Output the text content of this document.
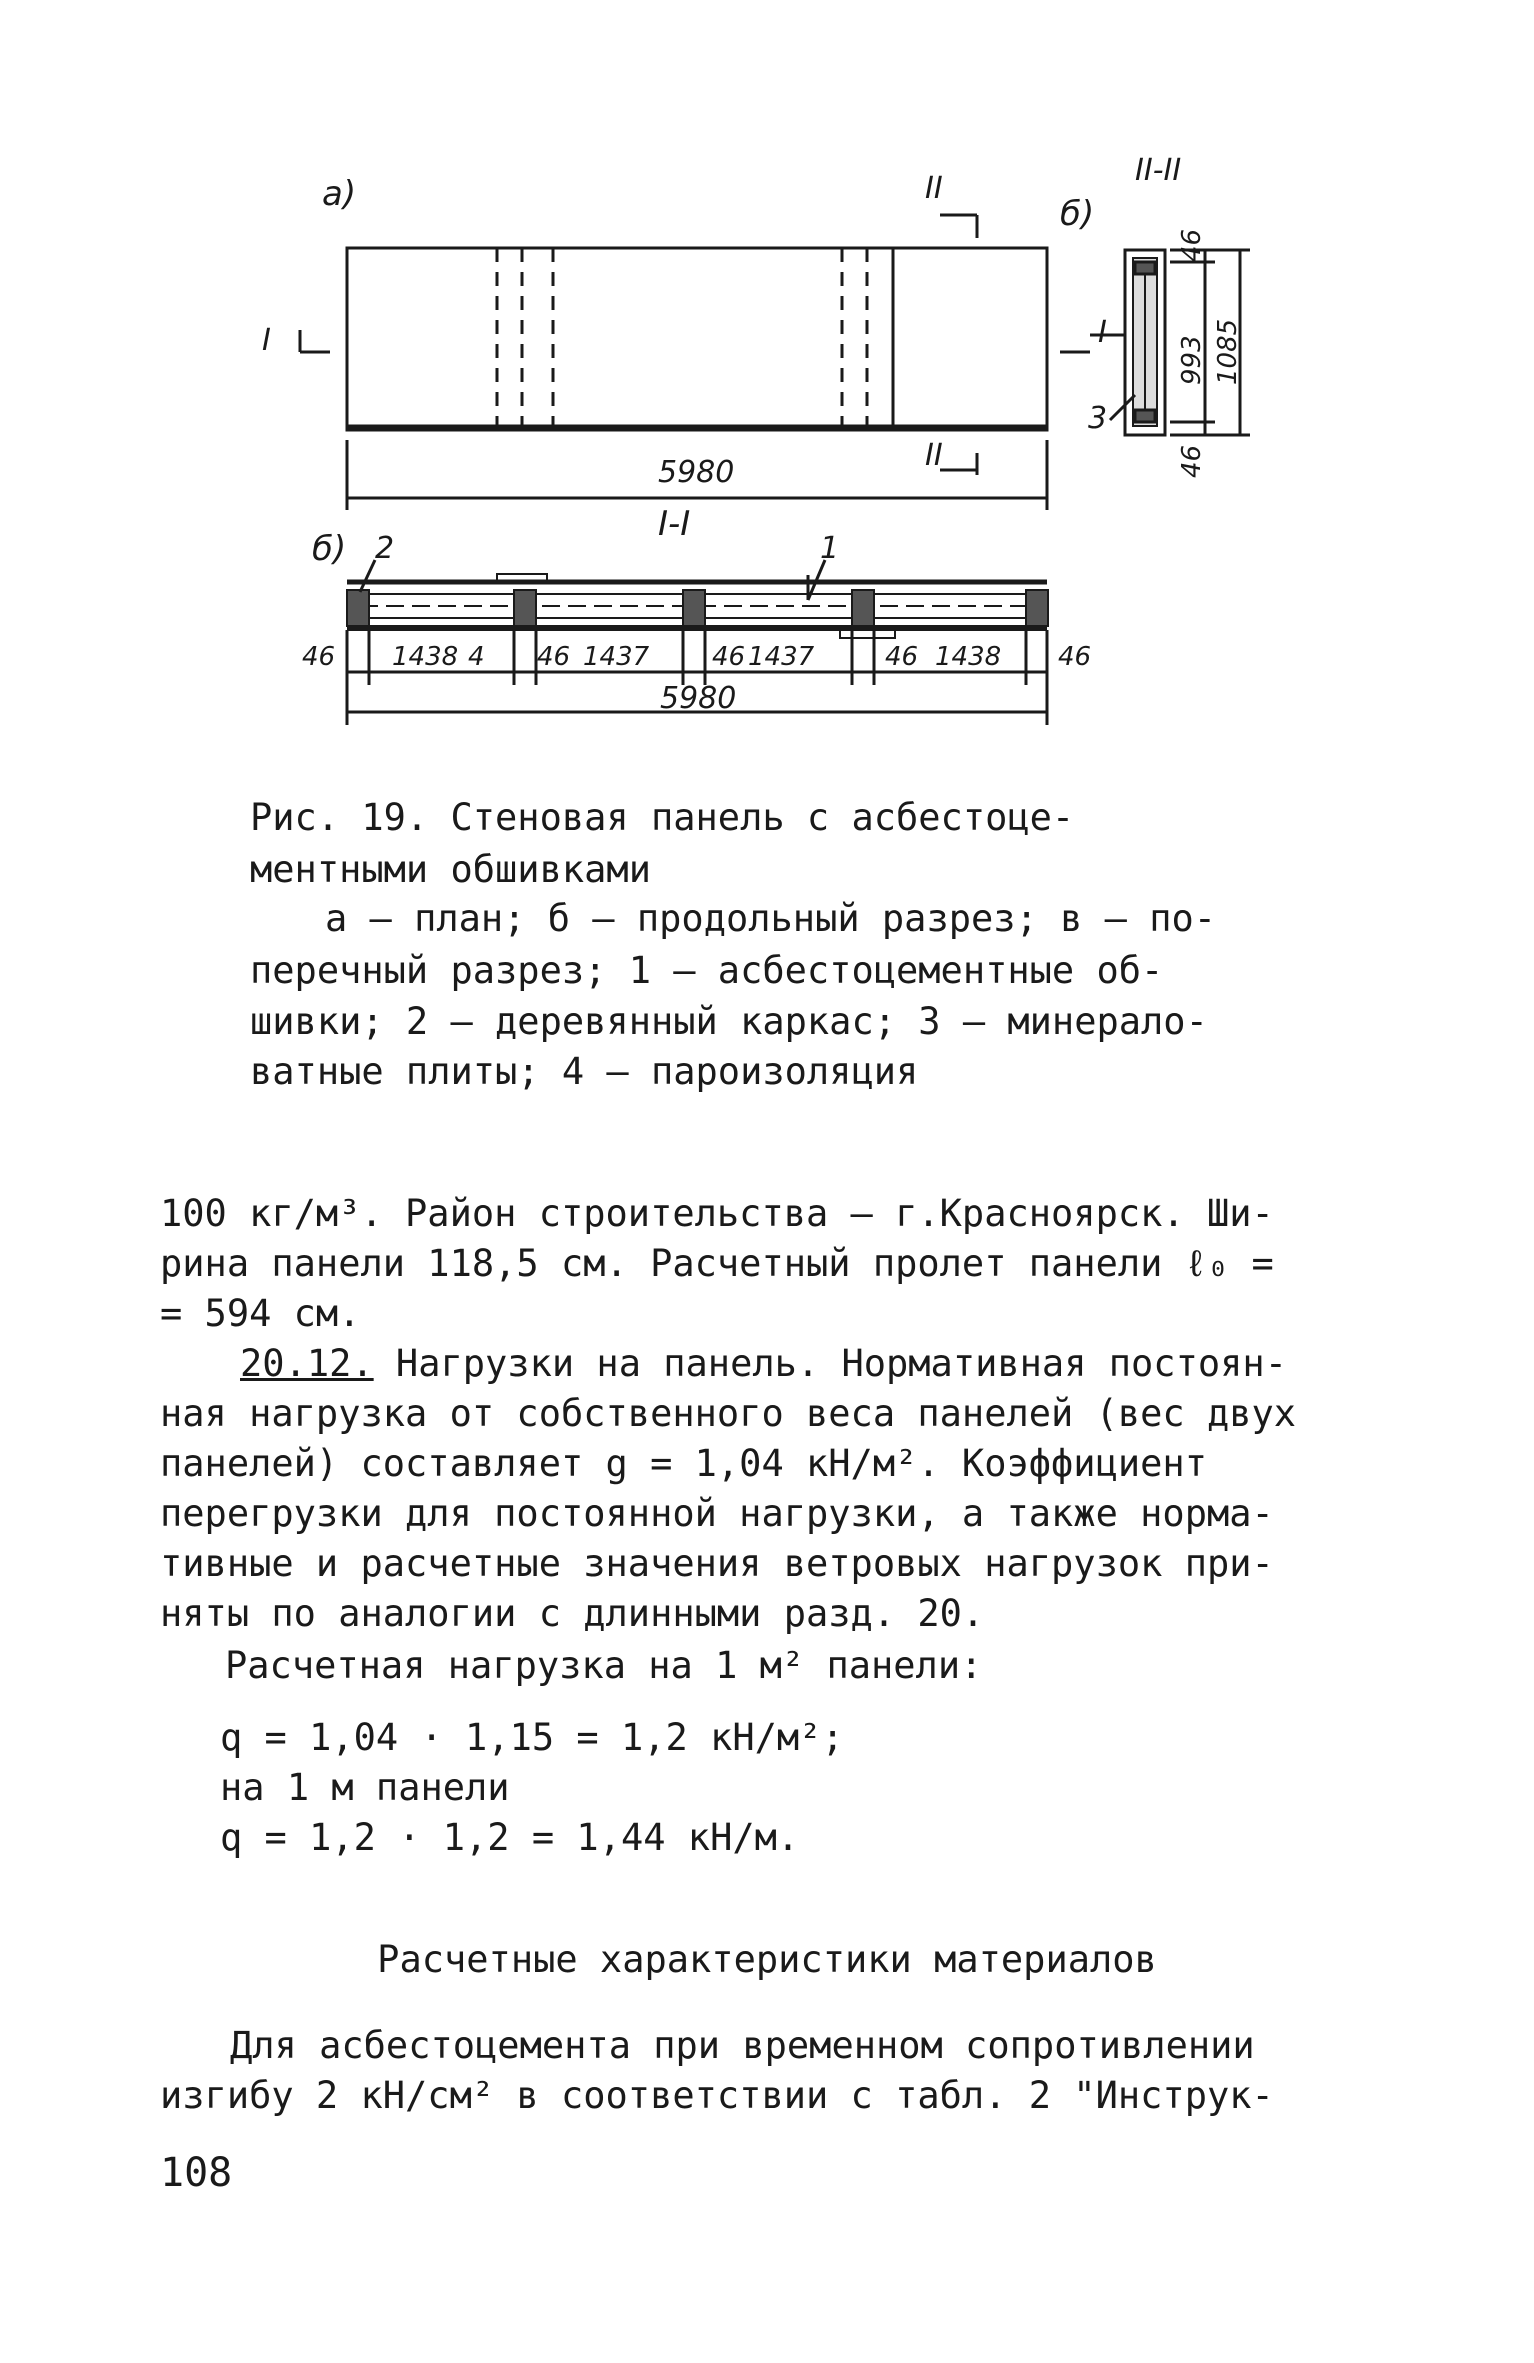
а)	б)
б)
II
II
II-II
I	I
I-I
5980
5980
2	1
3
46 1438 4 46 1437 46 1437	46 1438 46
46
993 1085
46
Рис. 19. Стеновая панель с асбестоце-
ментными обшивками
а – план; б – продольный разрез; в – по-
перечный разрез; 1 – асбестоцементные об-
шивки; 2 – деревянный каркас; 3 – минерало-
ватные плиты; 4 – пароизоляция
100 кг/м³. Район строительства – г.Красноярск. Ши-
рина панели 118,5 см. Расчетный пролет панели ℓ₀ =
= 594 см.
20.12. Нагрузки на панель. Нормативная постоян-
ная нагрузка от собственного веса панелей (вес двух
панелей) составляет g = 1,04 кН/м². Коэффициент
перегрузки для постоянной нагрузки, а также норма-
тивные и расчетные значения ветровых нагрузок при-
няты по аналогии с длинными разд. 20.
Расчетная нагрузка на 1 м² панели:
q = 1,04 · 1,15 = 1,2 кН/м²;
на 1 м панели
q = 1,2 · 1,2 = 1,44 кН/м.
Расчетные характеристики материалов
Для асбестоцемента при временном сопротивлении
изгибу 2 кН/см² в соответствии с табл. 2 "Инструк-
108
